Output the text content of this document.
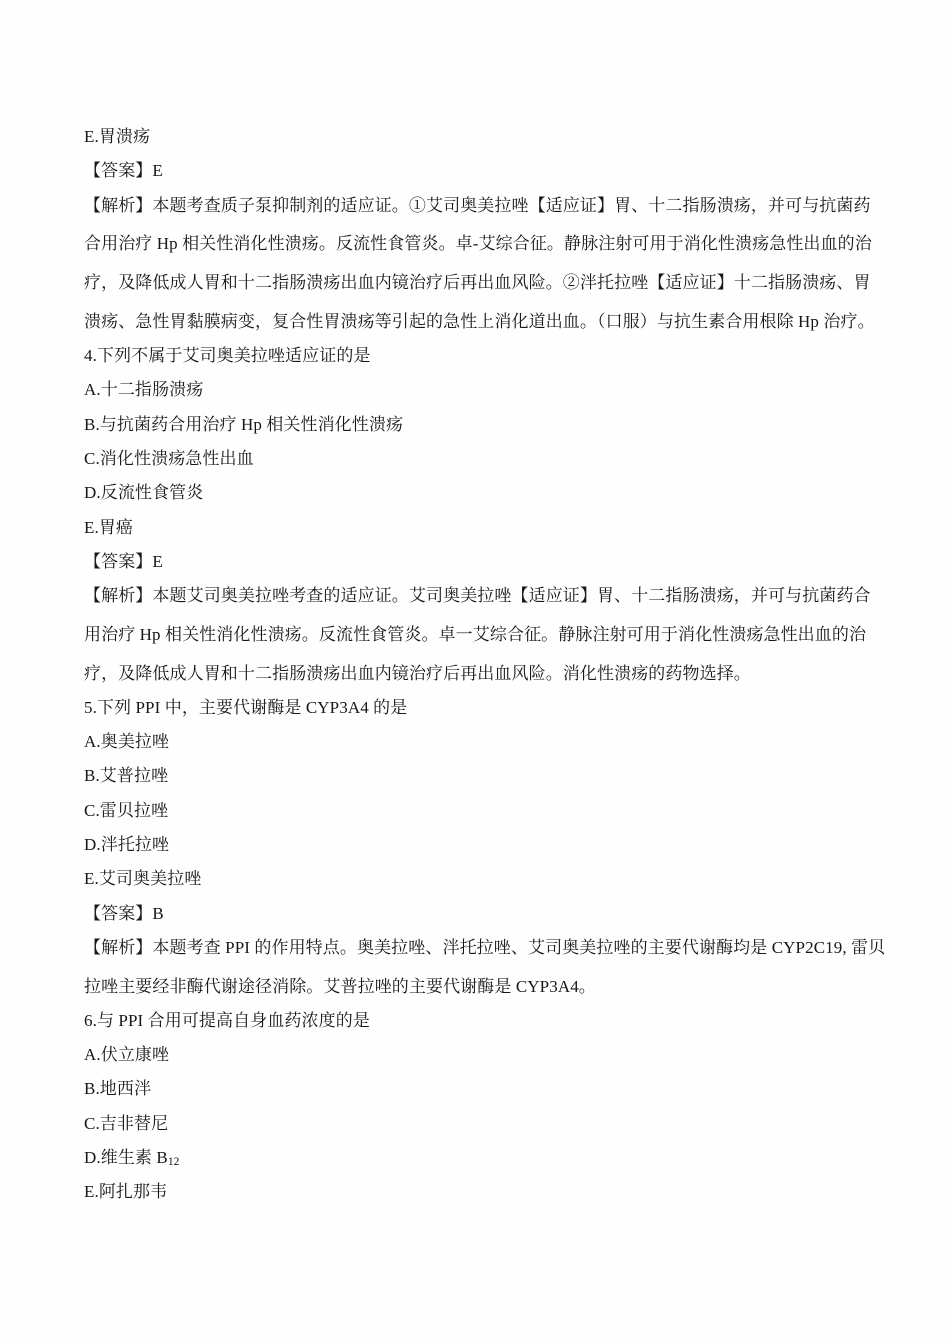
E.胃溃疡
【答案】E
【解析】本题考查质子泵抑制剂的适应证。①艾司奥美拉唑【适应证】胃、十二指肠溃疡，并可与抗菌药
合用治疗 Hp 相关性消化性溃疡。反流性食管炎。卓-艾综合征。静脉注射可用于消化性溃疡急性出血的治
疗，及降低成人胃和十二指肠溃疡出血内镜治疗后再出血风险。②泮托拉唑【适应证】十二指肠溃疡、胃
溃疡、急性胃黏膜病变，复合性胃溃疡等引起的急性上消化道出血。（口服）与抗生素合用根除 Hp 治疗。
4.下列不属于艾司奥美拉唑适应证的是
A.十二指肠溃疡
B.与抗菌药合用治疗 Hp 相关性消化性溃疡
C.消化性溃疡急性出血
D.反流性食管炎
E.胃癌
【答案】E
【解析】本题艾司奥美拉唑考查的适应证。艾司奥美拉唑【适应证】胃、十二指肠溃疡，并可与抗菌药合
用治疗 Hp 相关性消化性溃疡。反流性食管炎。卓一艾综合征。静脉注射可用于消化性溃疡急性出血的治
疗，及降低成人胃和十二指肠溃疡出血内镜治疗后再出血风险。消化性溃疡的药物选择。
5.下列 PPI 中，主要代谢酶是 CYP3A4 的是
A.奥美拉唑
B.艾普拉唑
C.雷贝拉唑
D.泮托拉唑
E.艾司奥美拉唑
【答案】B
【解析】本题考查 PPI 的作用特点。奥美拉唑、泮托拉唑、艾司奥美拉唑的主要代谢酶均是 CYP2C19, 雷贝
拉唑主要经非酶代谢途径消除。艾普拉唑的主要代谢酶是 CYP3A4。
6.与 PPI 合用可提高自身血药浓度的是
A.伏立康唑
B.地西泮
C.吉非替尼
D.维生素 $B_{12}$
E.阿扎那韦
